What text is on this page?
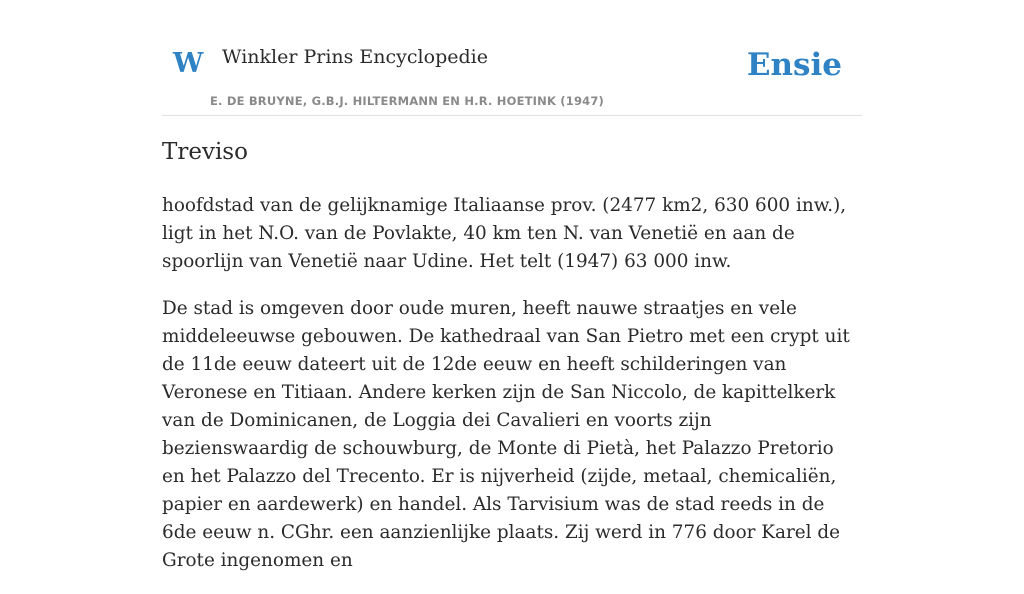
W Winkler Prins Encyclopedie
E. DE BRUYNE, G.B.J. HILTERMANN EN H.R. HOETINK (1947)
Ensie
Treviso

hoofdstad van de gelijknamige Italiaanse prov. (2477 km2, 630 600 inw.), ligt in het N.O. van de Povlakte, 40 km ten N. van Venetië en aan de spoorlijn van Venetië naar Udine. Het telt (1947) 63 000 inw.

De stad is omgeven door oude muren, heeft nauwe straatjes en vele middeleeuwse gebouwen. De kathedraal van San Pietro met een crypt uit de 11de eeuw dateert uit de 12de eeuw en heeft schilderingen van Veronese en Titiaan. Andere kerken zijn de San Niccolo, de kapittelkerk van de Dominicanen, de Loggia dei Cavalieri en voorts zijn bezienswaardig de schouwburg, de Monte di Pietà, het Palazzo Pretorio en het Palazzo del Trecento. Er is nijverheid (zijde, metaal, chemicaliën, papier en aardewerk) en handel. Als Tarvisium was de stad reeds in de 6de eeuw n. CGhr. een aanzienlijke plaats. Zij werd in 776 door Karel de Grote ingenomen en
